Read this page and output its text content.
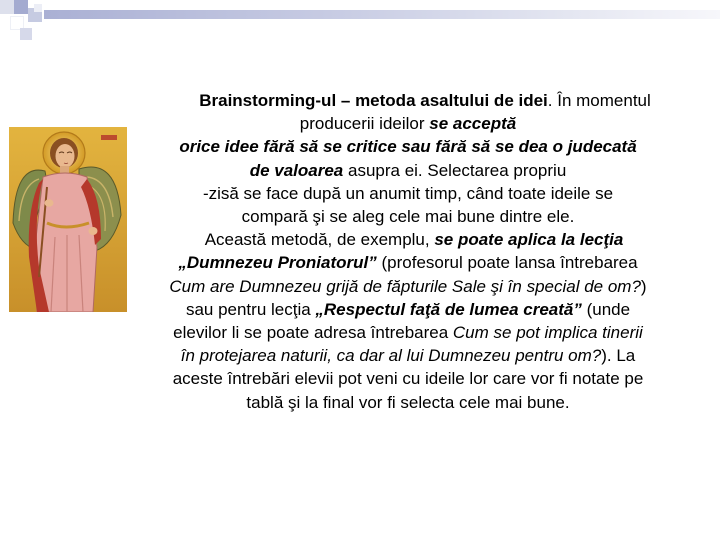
Brainstorming-ul – metoda asaltului de idei. În momentul
producerii ideilor se acceptă
orice idee fără să se critice sau fără să se dea o judecată
de valoarea asupra ei. Selectarea propriu
-zisă se face după un anumit timp, când toate ideile se
compară şi se aleg cele mai bune dintre ele.
Această metodă, de exemplu, se poate aplica la lecţia
„Dumnezeu Proniatorul” (profesorul poate lansa întrebarea
Cum are Dumnezeu grijă de făpturile Sale şi în special de om?)
sau pentru lecţia „Respectul faţă de lumea creată” (unde
elevilor li se poate adresa întrebarea Cum se pot implica tinerii
în protejarea naturii, ca dar al lui Dumnezeu pentru om?). La
aceste întrebări elevii pot veni cu ideile lor care vor fi notate pe
tablă şi la final vor fi selecta cele mai bune.
